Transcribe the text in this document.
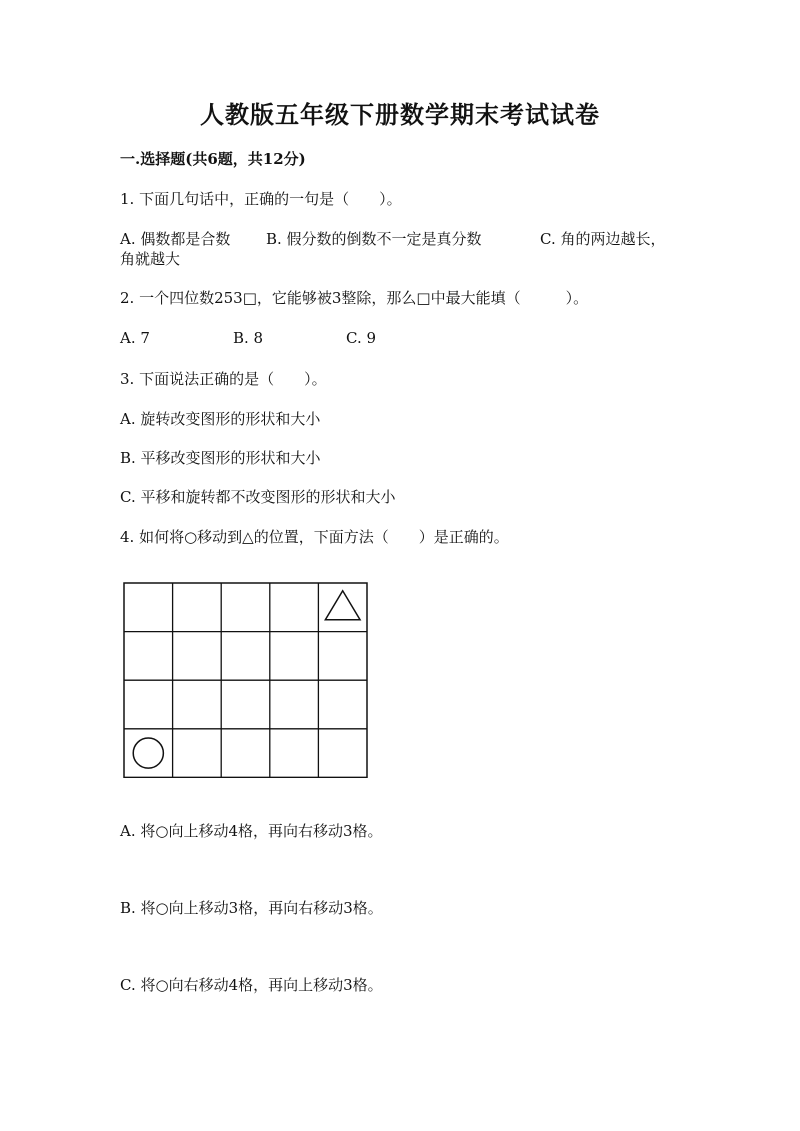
人教版五年级下册数学期末考试试卷
一.选择题(共6题，共12分)
1. 下面几句话中，正确的一句是（　　）。
A. 偶数都是合数 B. 假分数的倒数不一定是真分数	C. 角的两边越长，
角就越大
2. 一个四位数253□，它能够被3整除，那么□中最大能填（　　　）。
A. 7	B. 8	C. 9
3. 下面说法正确的是（　　）。
A. 旋转改变图形的形状和大小
B. 平移改变图形的形状和大小
C. 平移和旋转都不改变图形的形状和大小
4. 如何将○移动到△的位置，下面方法（　　）是正确的。
A. 将○向上移动4格，再向右移动3格。
B. 将○向上移动3格，再向右移动3格。
C. 将○向右移动4格，再向上移动3格。
